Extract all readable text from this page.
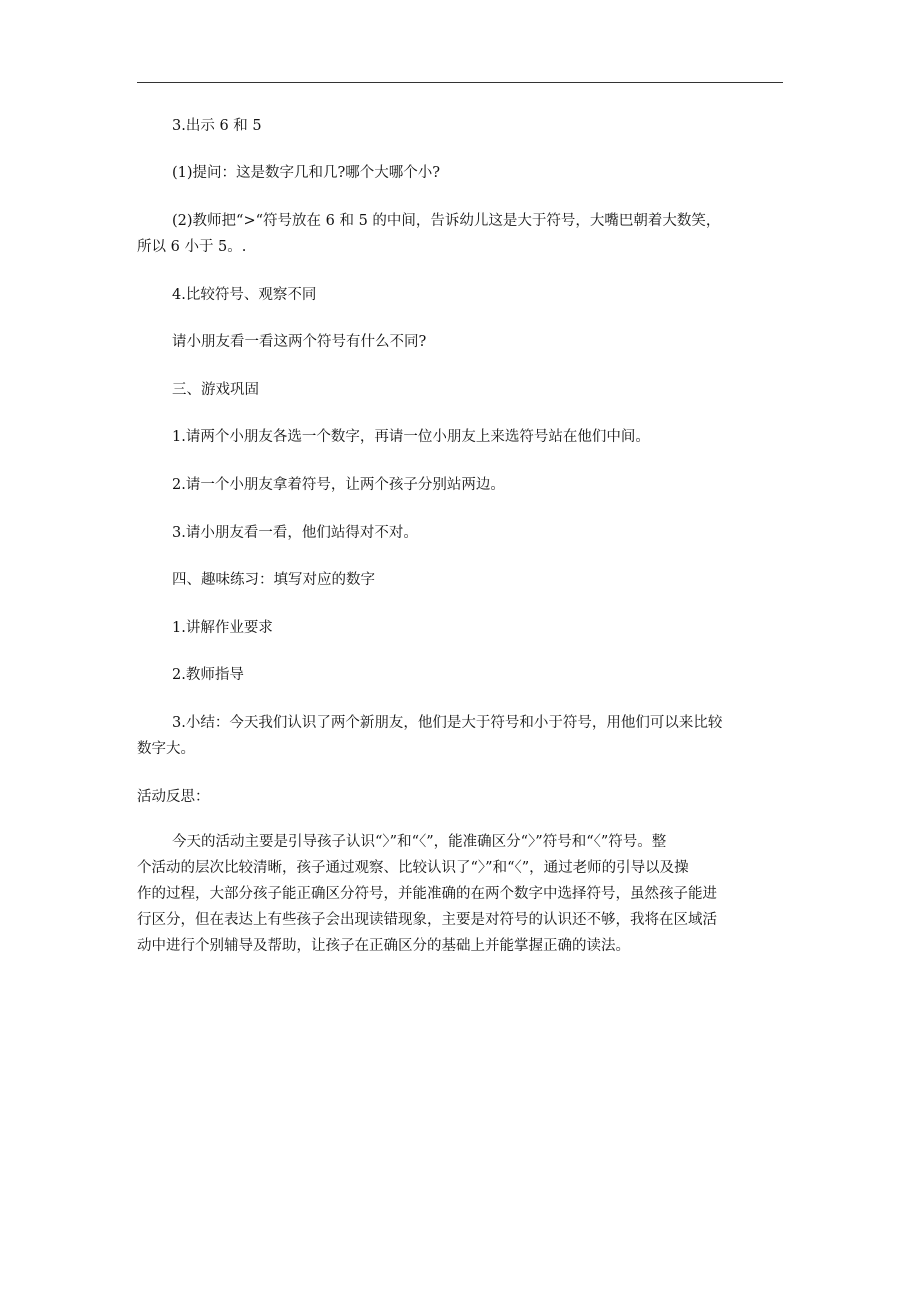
3.出示 6 和 5

(1)提问：这是数字几和几?哪个大哪个小?

(2)教师把“>“符号放在 6 和 5 的中间，告诉幼儿这是大于符号，大嘴巴朝着大数笑，

所以 6 小于 5。.

4.比较符号、观察不同

请小朋友看一看这两个符号有什么不同?

三、游戏巩固

1.请两个小朋友各选一个数字，再请一位小朋友上来选符号站在他们中间。

2.请一个小朋友拿着符号，让两个孩子分别站两边。

3.请小朋友看一看，他们站得对不对。

四、趣味练习：填写对应的数字

1.讲解作业要求

2.教师指导

3.小结：今天我们认识了两个新朋友，他们是大于符号和小于符号，用他们可以来比较

数字大。

活动反思：

今天的活动主要是引导孩子认识“〉”和“〈”，能准确区分“〉”符号和“〈”符号。整

个活动的层次比较清晰，孩子通过观察、比较认识了“〉”和“〈”，通过老师的引导以及操

作的过程，大部分孩子能正确区分符号，并能准确的在两个数字中选择符号，虽然孩子能进

行区分，但在表达上有些孩子会出现读错现象，主要是对符号的认识还不够，我将在区域活

动中进行个别辅导及帮助，让孩子在正确区分的基础上并能掌握正确的读法。
